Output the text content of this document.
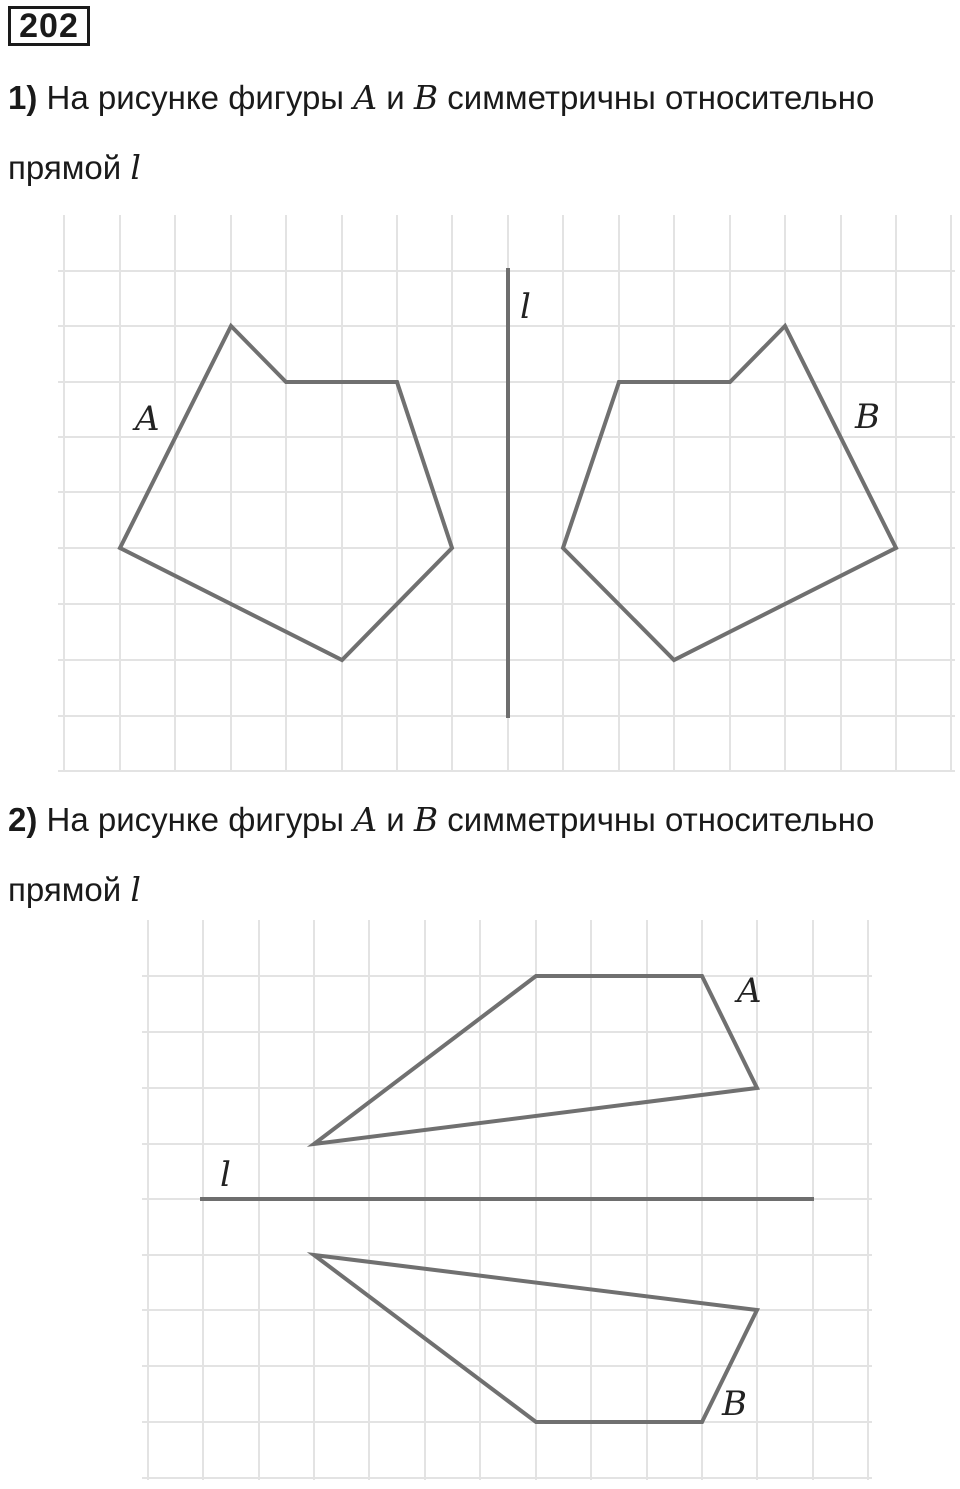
202
1) На рисунке фигуры A и B симметричны относительно
прямой l
A	B
l
2) На рисунке фигуры A и B симметричны относительно
прямой l
A
B
l
